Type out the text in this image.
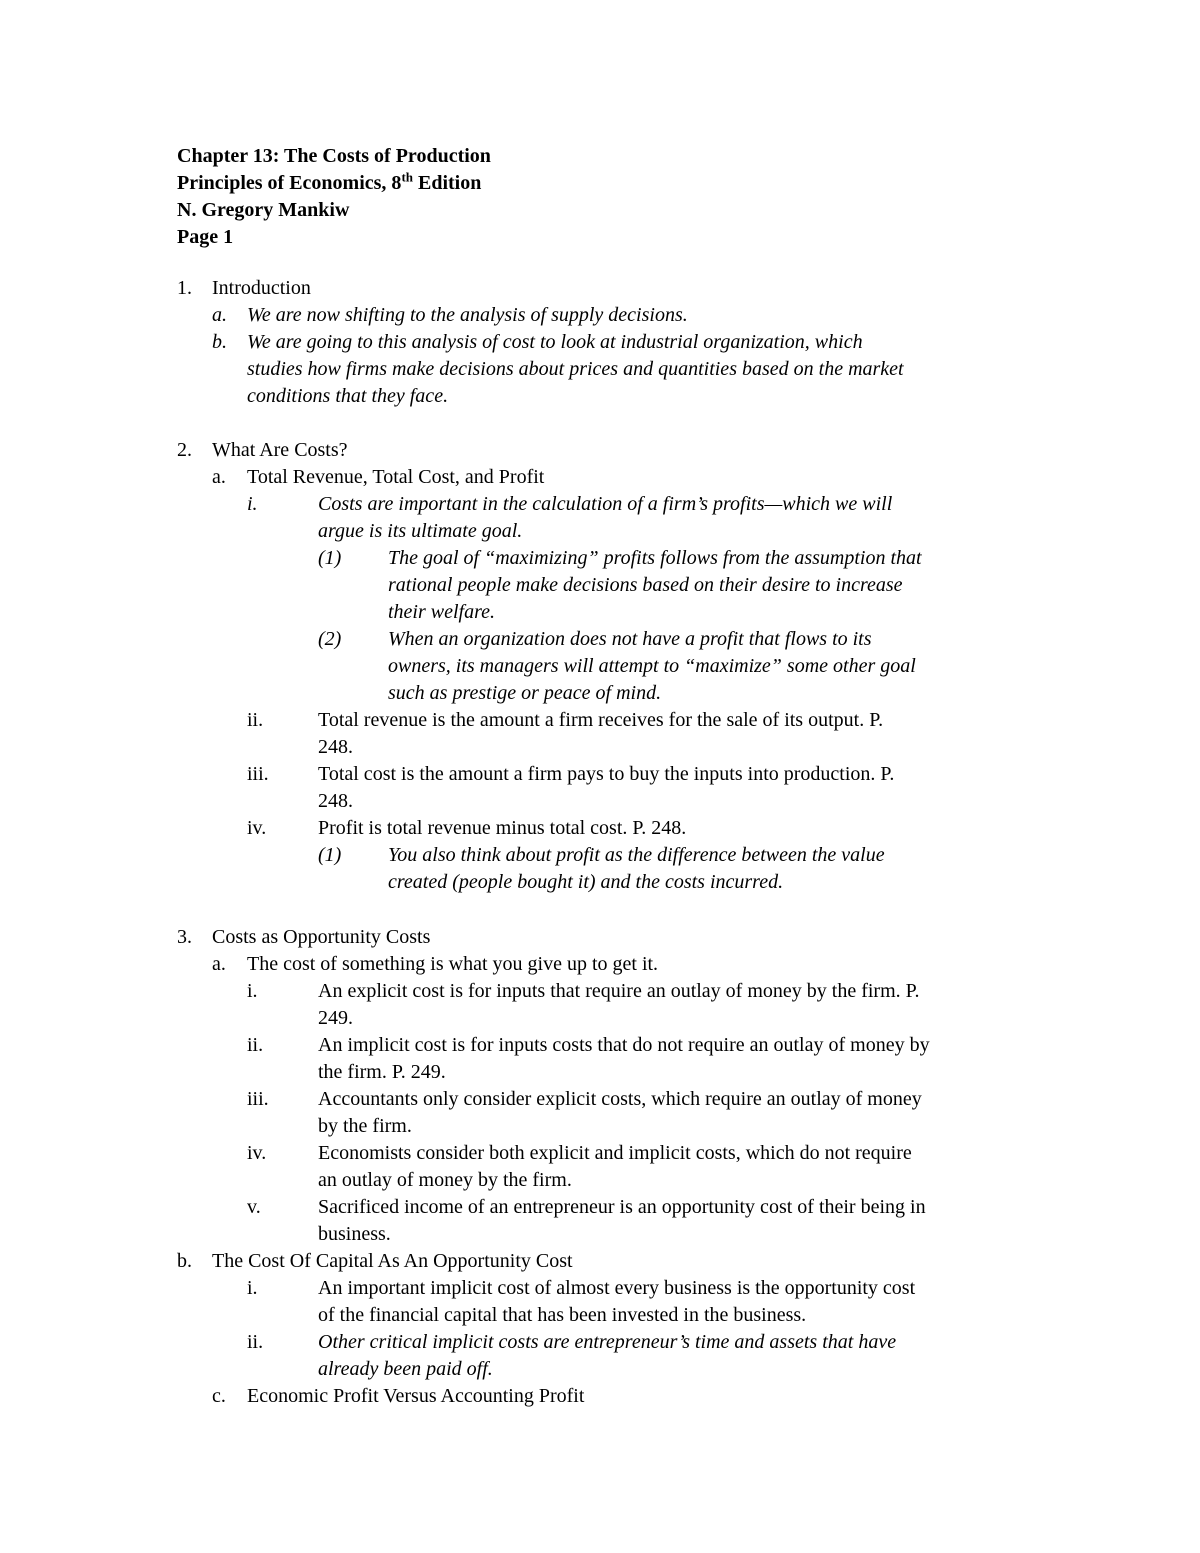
Chapter 13: The Costs of Production
Principles of Economics, 8th Edition
N. Gregory Mankiw
Page 1
1. Introduction
a. We are now shifting to the analysis of supply decisions.
b. We are going to this analysis of cost to look at industrial organization, which
studies how firms make decisions about prices and quantities based on the market
conditions that they face.
2. What Are Costs?
a. Total Revenue, Total Cost, and Profit
i.	Costs are important in the calculation of a firm’s profits—which we will
argue is its ultimate goal.
(1) The goal of “maximizing” profits follows from the assumption that
rational people make decisions based on their desire to increase
their welfare.
(2) When an organization does not have a profit that flows to its
owners, its managers will attempt to “maximize” some other goal
such as prestige or peace of mind.
ii.	Total revenue is the amount a firm receives for the sale of its output. P.
248.
iii. Total cost is the amount a firm pays to buy the inputs into production. P.
248.
iv.	Profit is total revenue minus total cost. P. 248.
(1) You also think about profit as the difference between the value
created (people bought it) and the costs incurred.
3. Costs as Opportunity Costs
a. The cost of something is what you give up to get it.
i.	An explicit cost is for inputs that require an outlay of money by the firm. P.
249.
ii.	An implicit cost is for inputs costs that do not require an outlay of money by
the firm. P. 249.
iii. Accountants only consider explicit costs, which require an outlay of money
by the firm.
iv.	Economists consider both explicit and implicit costs, which do not require
an outlay of money by the firm.
v.	Sacrificed income of an entrepreneur is an opportunity cost of their being in
business.
b. The Cost Of Capital As An Opportunity Cost
i.	An important implicit cost of almost every business is the opportunity cost
of the financial capital that has been invested in the business.
ii.	Other critical implicit costs are entrepreneur’s time and assets that have
already been paid off.
c. Economic Profit Versus Accounting Profit
